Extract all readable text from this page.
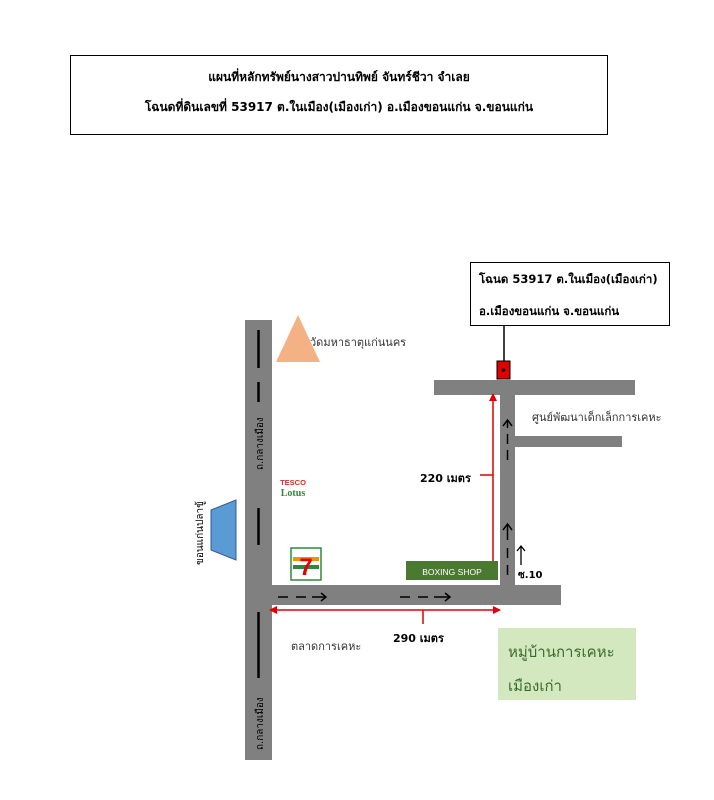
แผนที่หลักทรัพย์นางสาวปานทิพย์ จันทร์ชีวา จำเลย
โฉนดที่ดินเลขที่ 53917 ต.ในเมือง(เมืองเก่า) อ.เมืองขอนแก่น จ.ขอนแก่น
BOXING SHOP
TESCO
Lotus
7
ถ.กลางเมือง
ถ.กลางเมือง
ขอนแก่นปลาขู้
โฉนด 53917 ต.ในเมือง(เมืองเก่า)
อ.เมืองขอนแก่น จ.ขอนแก่น
วัดมหาธาตุแก่นนคร
ศูนย์พัฒนาเด็กเล็กการเคหะ
ตลาดการเคหะ
ซ.10
220 เมตร
290 เมตร
หมู่บ้านการเคหะ
เมืองเก่า
